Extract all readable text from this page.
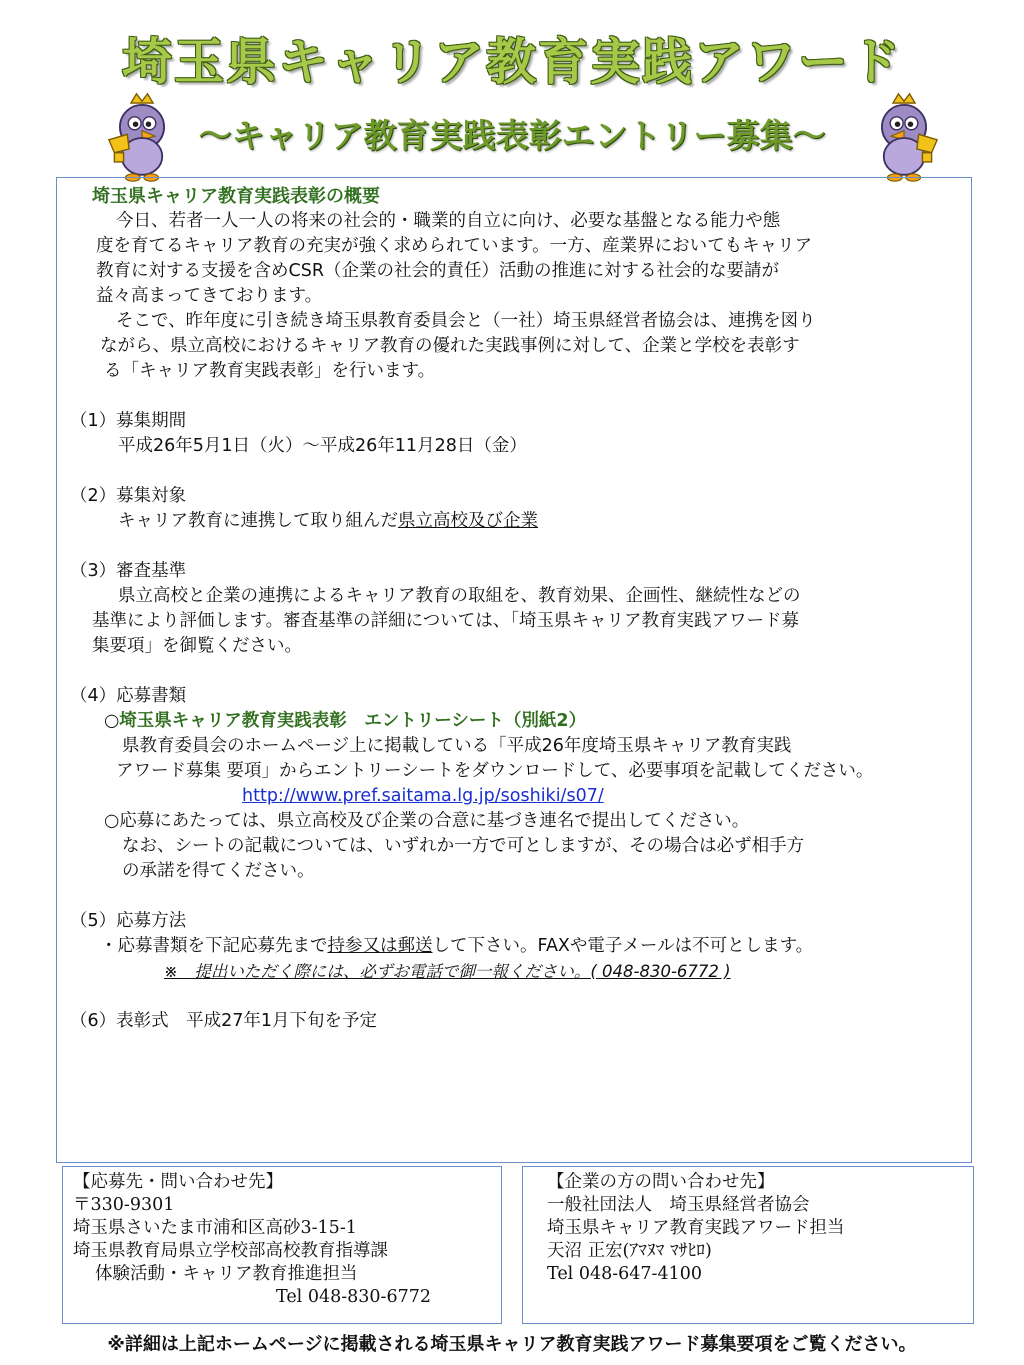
埼玉県キャリア教育実践アワード
～キャリア教育実践表彰エントリー募集～

埼玉県キャリア教育実践表彰の概要

今日、若者一人一人の将来の社会的・職業的自立に向け、必要な基盤となる能力や態

度を育てるキャリア教育の充実が強く求められています。一方、産業界においてもキャリア

教育に対する支援を含めCSR（企業の社会的責任）活動の推進に対する社会的な要請が

益々高まってきております。

そこで、昨年度に引き続き埼玉県教育委員会と（一社）埼玉県経営者協会は、連携を図り

ながら、県立高校におけるキャリア教育の優れた実践事例に対して、企業と学校を表彰す

る「キャリア教育実践表彰」を行います。

（1）募集期間

平成26年5月1日（火）～平成26年11月28日（金）

（2）募集対象

キャリア教育に連携して取り組んだ県立高校及び企業

（3）審査基準

県立高校と企業の連携によるキャリア教育の取組を、教育効果、企画性、継続性などの

基準により評価します。審査基準の詳細については、「埼玉県キャリア教育実践アワード募

集要項」を御覧ください。

（4）応募書類

○埼玉県キャリア教育実践表彰　エントリーシート（別紙2）

県教育委員会のホームページ上に掲載している「平成26年度埼玉県キャリア教育実践

アワード募集 要項」からエントリーシートをダウンロードして、必要事項を記載してください。

http://www.pref.saitama.lg.jp/soshiki/s07/

○応募にあたっては、県立高校及び企業の合意に基づき連名で提出してください。

なお、シートの記載については、いずれか一方で可としますが、その場合は必ず相手方

の承諾を得てください。

（5）応募方法

・応募書類を下記応募先まで持参又は郵送して下さい。FAXや電子メールは不可とします。

※　提出いただく際には、必ずお電話で御一報ください。( 048-830-6772 )

（6）表彰式　平成27年1月下旬を予定

【応募先・問い合わせ先】
〒330-9301
埼玉県さいたま市浦和区高砂3-15-1
埼玉県教育局県立学校部高校教育指導課
体験活動・キャリア教育推進担当
Tel 048-830-6772
【企業の方の問い合わせ先】
一般社団法人　埼玉県経営者協会
埼玉県キャリア教育実践アワード担当
天沼 正宏(ｱﾏﾇﾏ ﾏｻﾋﾛ)
Tel 048-647-4100
※詳細は上記ホームページに掲載される埼玉県キャリア教育実践アワード募集要項をご覧ください。
